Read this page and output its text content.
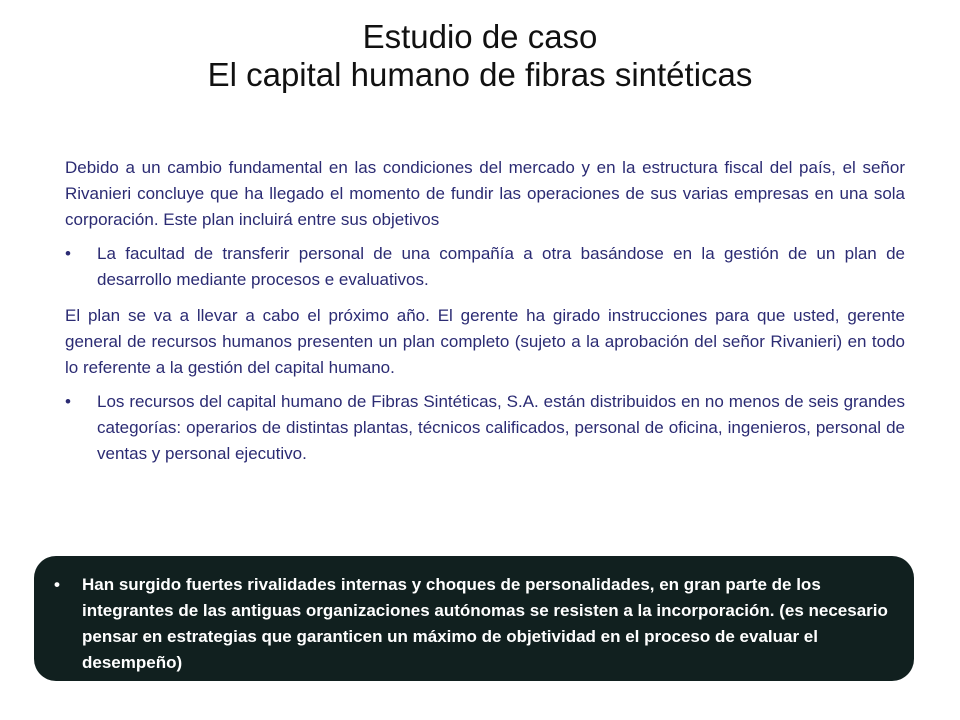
Estudio de caso
El capital humano de fibras sintéticas

Debido a un cambio fundamental en las condiciones del mercado y en la estructura fiscal del país, el señor Rivanieri concluye que ha llegado el momento de fundir las operaciones de sus varias empresas en una sola corporación. Este plan incluirá entre sus objetivos

• La facultad de transferir personal de una compañía a otra basándose en la gestión de un plan de desarrollo mediante procesos e evaluativos.

El plan se va a llevar a cabo el próximo año. El gerente ha girado instrucciones para que usted, gerente general de recursos humanos presenten un plan completo (sujeto a la aprobación del señor Rivanieri) en todo lo referente a la gestión del capital humano.

• Los recursos del capital humano de Fibras Sintéticas, S.A. están distribuidos en no menos de seis grandes categorías: operarios de distintas plantas, técnicos calificados, personal de oficina, ingenieros, personal de ventas y personal ejecutivo.
• Han surgido fuertes rivalidades internas y choques de personalidades, en gran parte de los integrantes de las antiguas organizaciones autónomas se resisten a la incorporación. (es necesario pensar en estrategias que garanticen un máximo de objetividad en el proceso de evaluar el desempeño)
